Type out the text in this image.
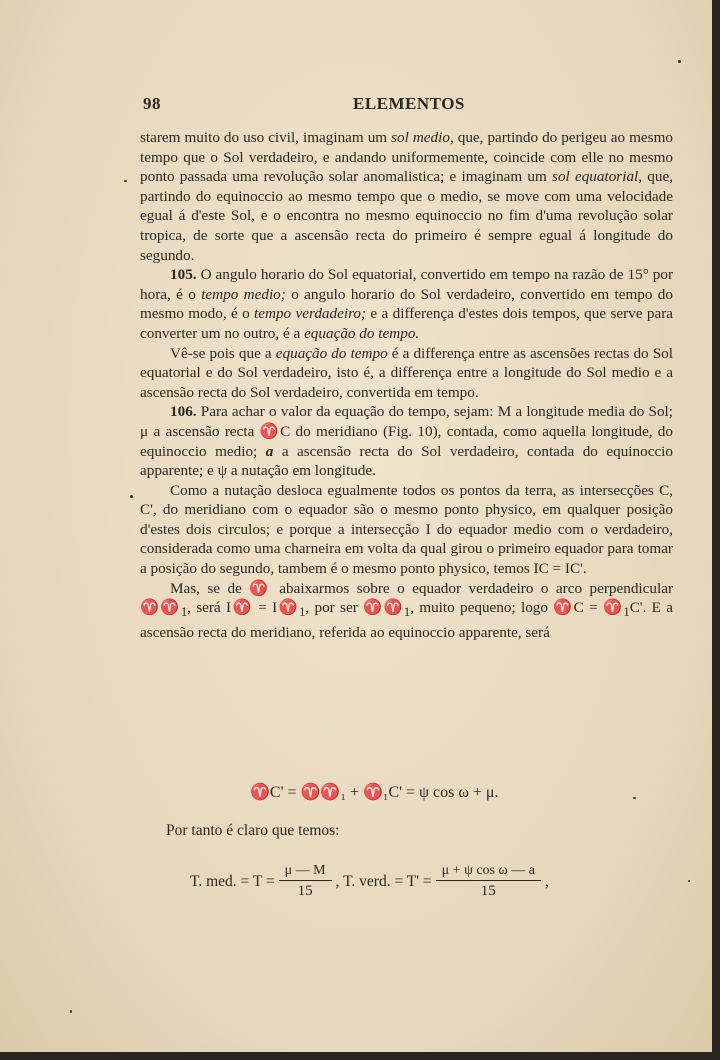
98	ELEMENTOS

starem muito do uso civil, imaginam um sol medio, que, partindo do perigeu ao mesmo tempo que o Sol verdadeiro, e andando uniformemente, coincide com elle no mesmo ponto passada uma revolução solar anomalistica; e imaginam um sol equatorial, que, partindo do equinoccio ao mesmo tempo que o medio, se move com uma velocidade egual á d'este Sol, e o encontra no mesmo equinoccio no fim d'uma revolução solar tropica, de sorte que a ascensão recta do primeiro é sempre egual á longitude do segundo.

105. O angulo horario do Sol equatorial, convertido em tempo na razão de 15° por hora, é o tempo medio; o angulo horario do Sol verdadeiro, convertido em tempo do mesmo modo, é o tempo verdadeiro; e a differença d'estes dois tempos, que serve para converter um no outro, é a equação do tempo.

Vê-se pois que a equação do tempo é a differença entre as ascensões rectas do Sol equatorial e do Sol verdadeiro, isto é, a differença entre a longitude do Sol medio e a ascensão recta do Sol verdadeiro, convertida em tempo.

106. Para achar o valor da equação do tempo, sejam: M a longitude media do Sol; μ a ascensão recta ♈C do meridiano (Fig. 10), contada, como aquella longitude, do equinoccio medio; a a ascensão recta do Sol verdadeiro, contada do equinoccio apparente; e ψ a nutação em longitude.

Como a nutação desloca egualmente todos os pontos da terra, as intersecções C, C', do meridiano com o equador são o mesmo ponto physico, em qualquer posição d'estes dois circulos; e porque a intersecção I do equador medio com o verdadeiro, considerada como uma charneira em volta da qual girou o primeiro equador para tomar a posição do segundo, tambem é o mesmo ponto physico, temos IC = IC'.

Mas, se de ♈ abaixarmos sobre o equador verdadeiro o arco perpendicular $♈♈_1$, será I♈ = $I♈_1$, por ser $♈♈_1$, muito pequeno; logo ♈C = $♈_1C'$. E a ascensão recta do meridiano, referida ao equinoccio apparente, será

♈C' = ♈♈₁ + ♈₁C' = ψ cos ω + μ.
Por tanto é claro que temos:
T. med. = $T = \frac{\mu — M}{15}$ , T. verd. = $T' = \frac{\text{μ + ψ cos ω — a}}{15}$ ,
